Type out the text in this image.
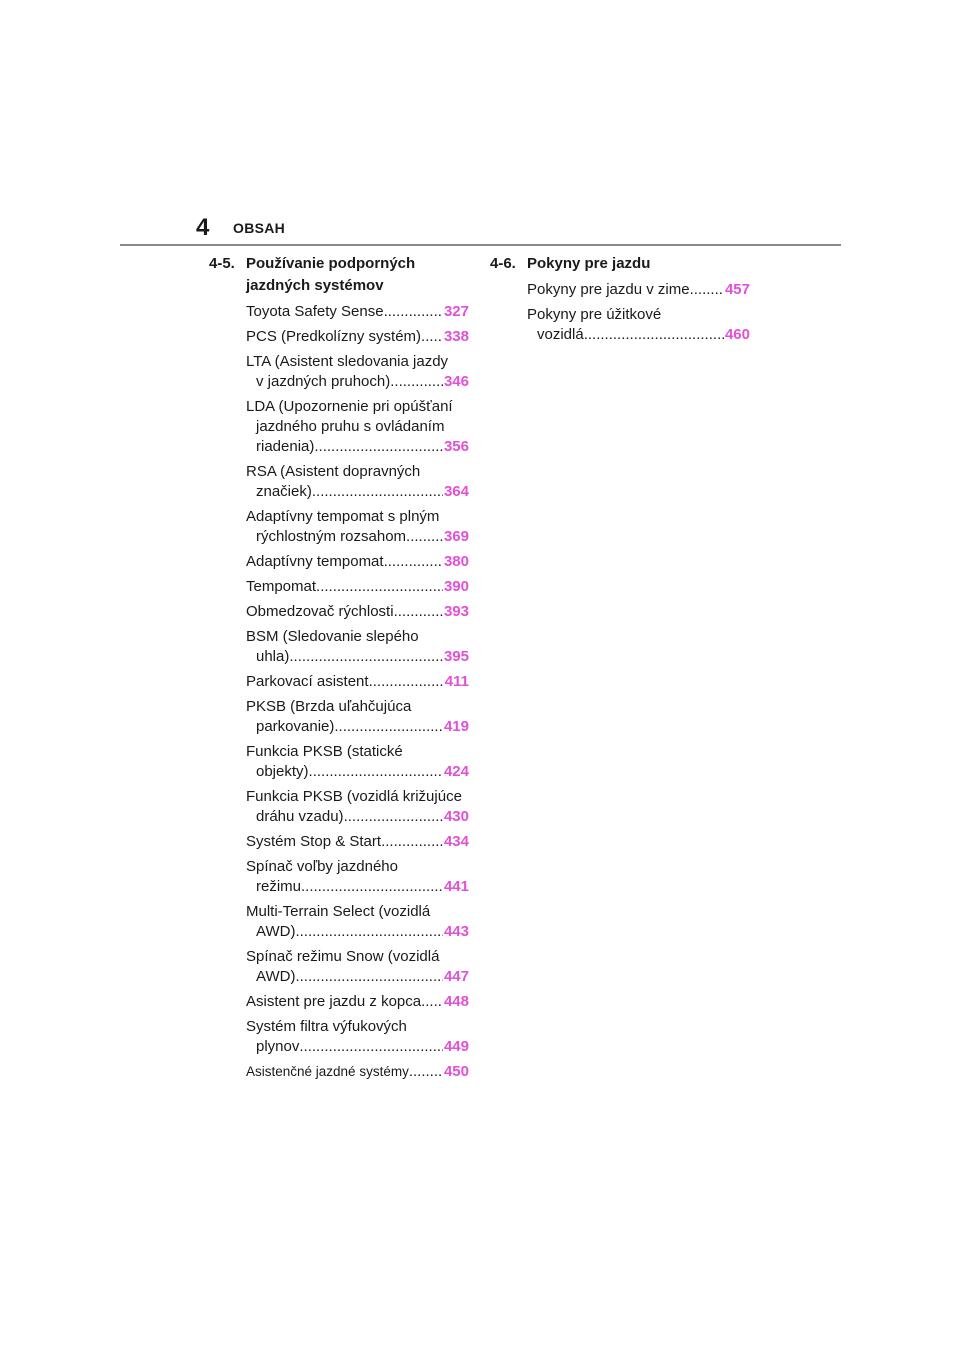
4 OBSAH
4-5. Používanie podporných jazdných systémov
Toyota Safety Sense .....	327
PCS (Predkolízny systém) ..... 338
LTA (Asistent sledovania jazdy
v jazdných pruhoch) .....	346
LDA (Upozornenie pri opúšťaní
jazdného pruhu s ovládaním
riadenia) .....	356
RSA (Asistent dopravných
značiek) .....	364
Adaptívny tempomat s plným
rýchlostným rozsahom .....	369
Adaptívny tempomat .....	380
Tempomat .....	390
Obmedzovač rýchlosti .....	393
BSM (Sledovanie slepého
uhla) .....	395
Parkovací asistent .....	411
PKSB (Brzda uľahčujúca
parkovanie) .....	419
Funkcia PKSB (statické
objekty) .....	424
Funkcia PKSB (vozidlá križujúce
dráhu vzadu) .....	430
Systém Stop & Start .....	434
Spínač voľby jazdného
režimu .....	441
Multi-Terrain Select (vozidlá
AWD) .....	443
Spínač režimu Snow (vozidlá
AWD) .....	447
Asistent pre jazdu z kopca ..... 448
Systém filtra výfukových
plynov .....	449
Asistenčné jazdné systémy ..... 450
4-6. Pokyny pre jazdu
Pokyny pre jazdu v zime ..... 457
Pokyny pre úžitkové
vozidlá .....	460
